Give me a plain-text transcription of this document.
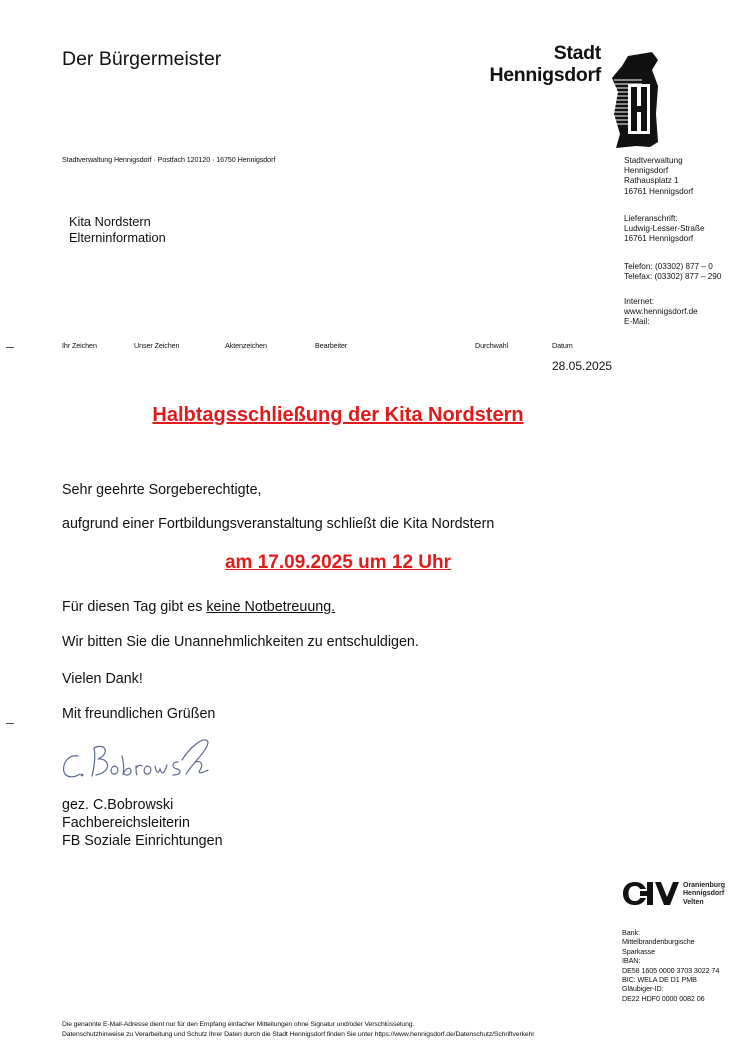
Der Bürgermeister	Stadt
Hennigsdorf
Stadtverwaltung Hennigsdorf · Postfach 120120 · 16750 Hennigsdorf
Kita Nordstern
Elterninformation
Stadtverwaltung
Hennigsdorf
Rathausplatz 1
16761 Hennigsdorf
Lieferanschrift:
Ludwig-Lesser-Straße
16761 Hennigsdorf
Telefon: (03302) 877 – 0
Telefax: (03302) 877 – 290
Internet:
www.hennigsdorf.de
E-Mail:
Ihr Zeichen	Unser Zeichen	Aktenzeichen	Bearbeiter	Durchwahl	Datum
28.05.2025
Halbtagsschließung der Kita Nordstern
Sehr geehrte Sorgeberechtigte,
aufgrund einer Fortbildungsveranstaltung schließt die Kita Nordstern
am 17.09.2025 um 12 Uhr
Für diesen Tag gibt es keine Notbetreuung.
Wir bitten Sie die Unannehmlichkeiten zu entschuldigen.
Vielen Dank!
Mit freundlichen Grüßen
gez. C.Bobrowski
Fachbereichsleiterin
FB Soziale Einrichtungen
Oranienburg
Hennigsdorf
Velten
Bank:
Mittelbrandenburgische
Sparkasse
IBAN:
DE58 1605 0000 3703 3022 74
BIC: WELA DE D1 PMB
Gläubiger-ID:
DE22 HDF0 0000 0082 06
Die genannte E-Mail-Adresse dient nur für den Empfang einfacher Mitteilungen ohne Signatur und/oder Verschlüsselung.
Datenschutzhinweise zu Verarbeitung und Schutz Ihrer Daten durch die Stadt Hennigsdorf finden Sie unter https://www.hennigsdorf.de/Datenschutz/Schriftverkehr
